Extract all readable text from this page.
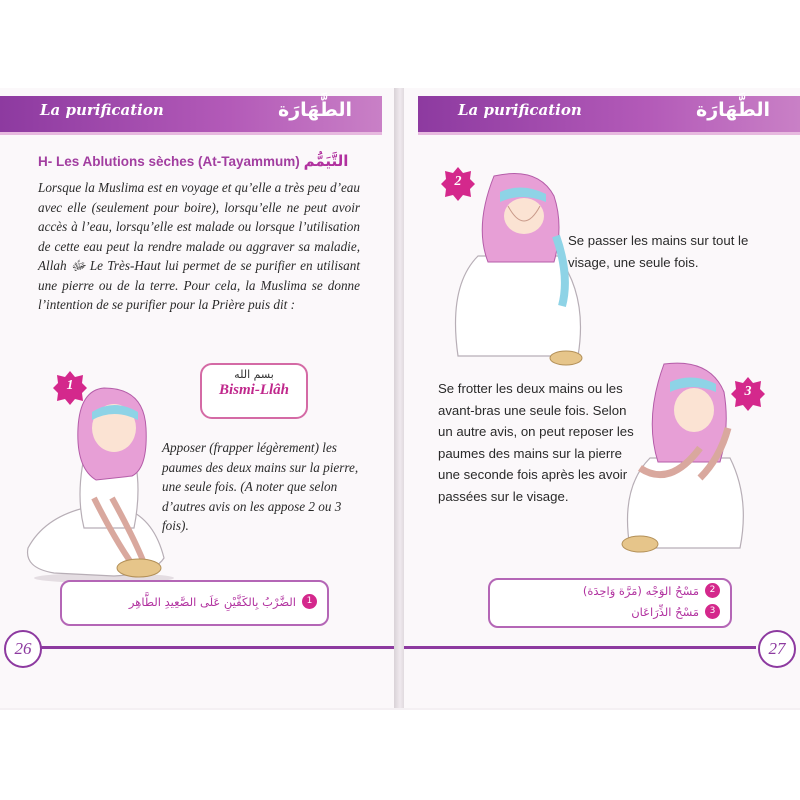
La purification	الطَّهَارَة
H- Les Ablutions sèches (At-Tayammum) التَّيَمُّم
Lorsque la Muslima est en voyage et qu’elle a très peu d’eau avec elle (seulement pour boire), lorsqu’elle ne peut avoir accès à l’eau, lorsqu’elle est malade ou lorsque l’utilisation de cette eau peut la rendre malade ou aggraver sa maladie, Allah ﷻ Le Très-Haut lui permet de se purifier en utilisant une pierre ou de la terre. Pour cela, la Muslima se donne l’intention de se purifier pour la Prière puis dit :
1
بسم الله
Bismi-Llâh
Apposer (frapper légèrement) les paumes des deux mains sur la pierre, une seule fois. (A noter que selon d’autres avis on les appose 2 ou 3 fois).
1
الضَّرْبُ بِالكَفَّيْنِ عَلَى الصَّعِيدِ الطَّاهِر
26
La purification	الطَّهَارَة
2
Se passer les mains sur tout le visage, une seule fois.
3
Se frotter les deux mains ou les avant-bras une seule fois. Selon un autre avis, on peut reposer les paumes des mains sur la pierre une seconde fois après les avoir passées sur le visage.
2
مَسْحُ الوَجْه (مَرَّة وَاحِدَة)
3
مَسْحُ الذِّرَاعَان
27
